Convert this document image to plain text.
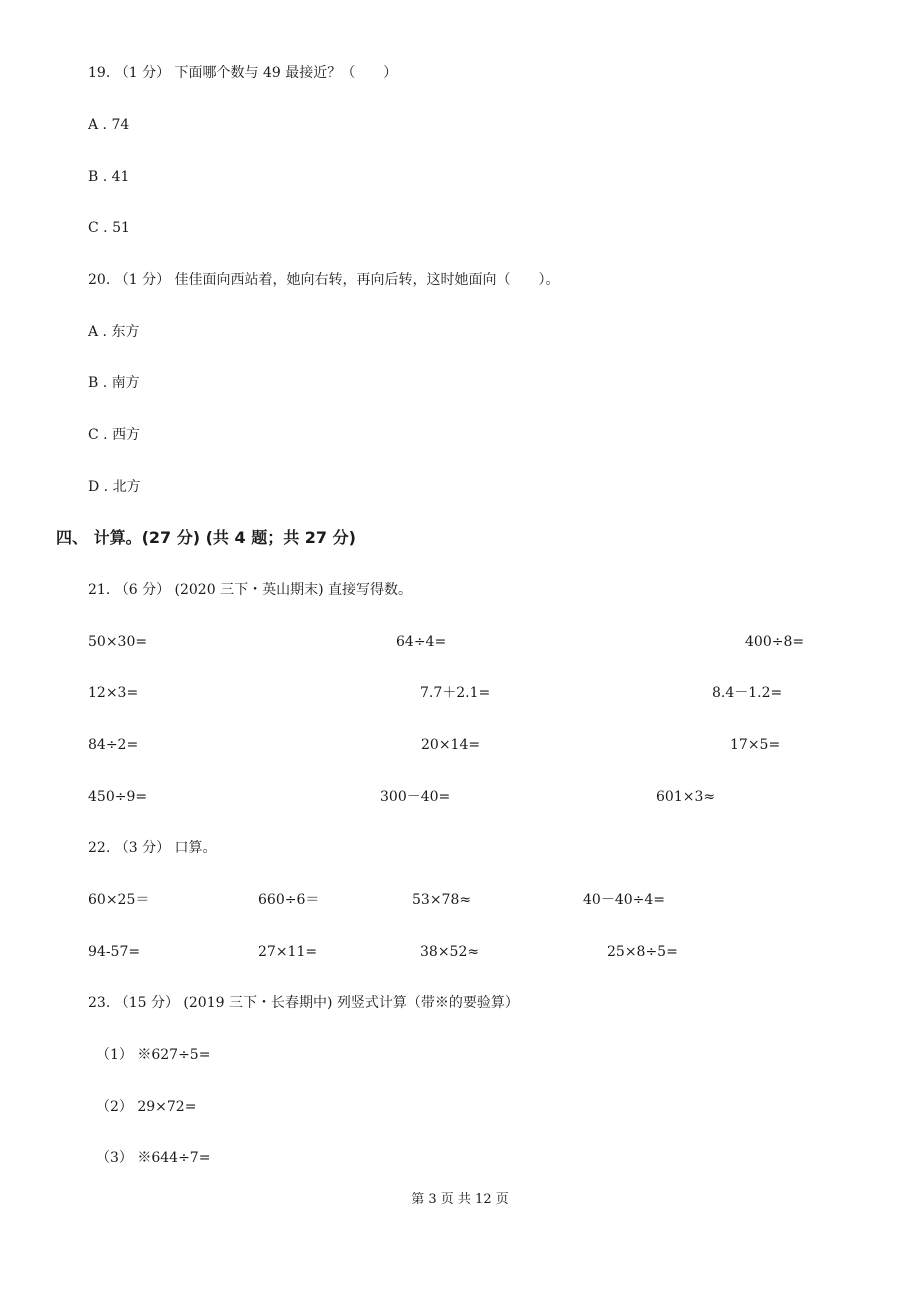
19. （1 分） 下面哪个数与 49 最接近？（　　）
A . 74
B . 41
C . 51
20. （1 分） 佳佳面向西站着，她向右转，再向后转，这时她面向（　　）。
A . 东方
B . 南方
C . 西方
D . 北方
四、 计算。(27 分) (共 4 题；共 27 分)
21. （6 分） (2020 三下・英山期末) 直接写得数。
50×30=	64÷4=	400÷8=
12×3=	7.7＋2.1=	8.4－1.2=
84÷2=	20×14=	17×5=
450÷9=	300－40=	601×3≈
22. （3 分） 口算。
60×25＝	660÷6＝	53×78≈	40－40÷4=
94-57=	27×11=	38×52≈	25×8÷5=
23. （15 分） (2019 三下・长春期中) 列竖式计算（带※的要验算）
（1） ※627÷5=
（2） 29×72=
（3） ※644÷7=
第 3 页 共 12 页
